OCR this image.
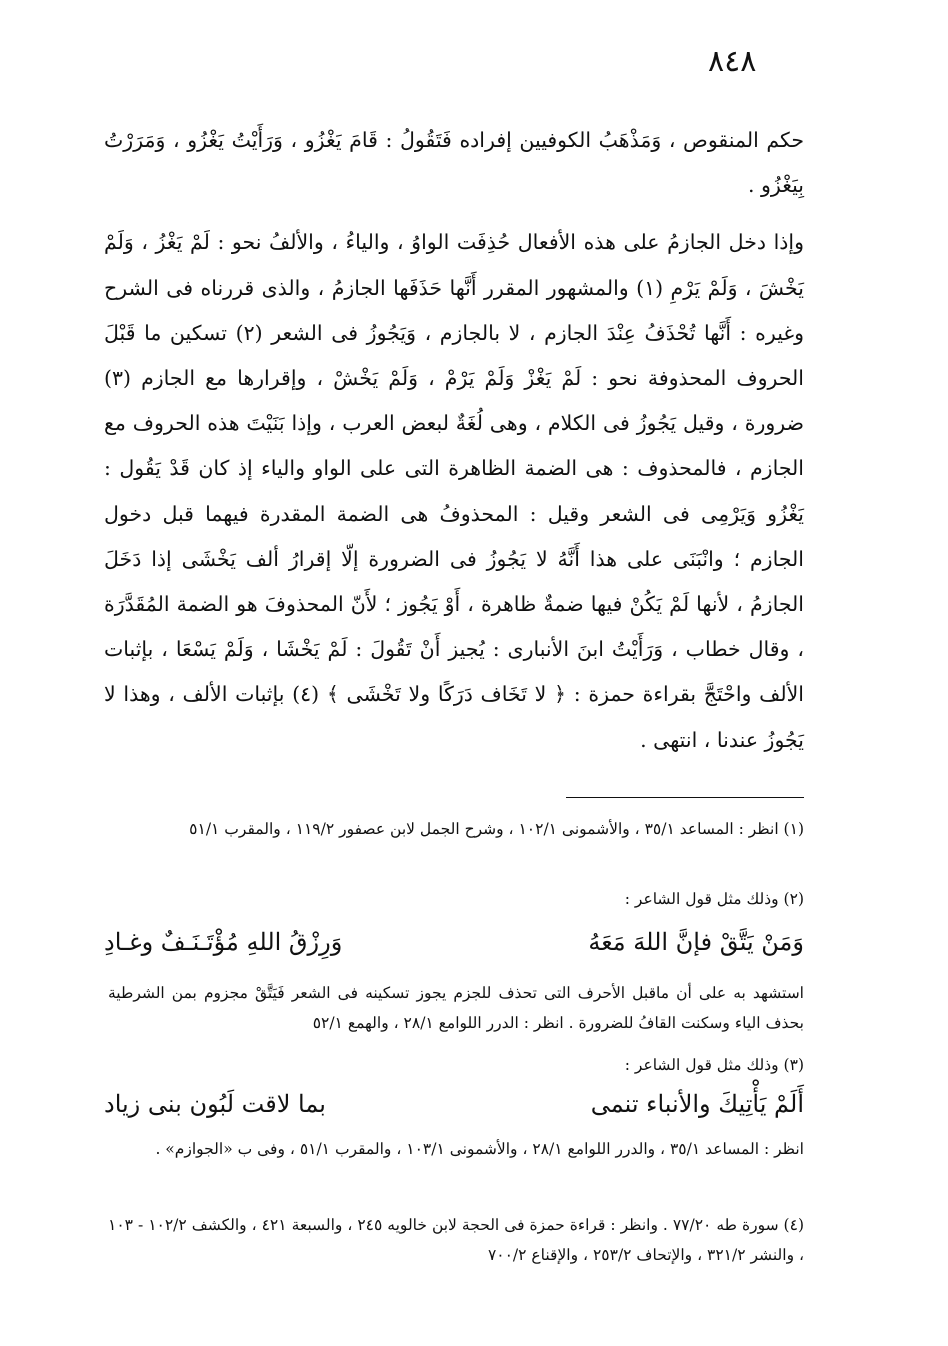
٨٤٨

حكم المنقوص ، وَمَذْهَبُ الكوفيين إفراده فَتَقُولُ : قَامَ يَغْزُو ، وَرَأَيْتُ يَغْزُو ، وَمَرَرْتُ بِيَغْزُو .

وإذا دخل الجازمُ على هذه الأفعال حُذِفَت الواوُ ، والياءُ ، والألفُ نحو : لَمْ يَغْزُ ، وَلَمْ يَخْشَ ، وَلَمْ يَرْمِ (١) والمشهور المقرر أَنَّها حَذَفَها الجازمُ ، والذى قررناه فى الشرح وغيره : أَنَّها تُحْذَفُ عِنْدَ الجازم ، لا بالجازم ، وَيَجُوزُ فى الشعر (٢) تسكين ما قَبْلَ الحروف المحذوفة نحو : لَمْ يَغْزْ وَلَمْ يَرْمْ ، وَلَمْ يَخْشْ ، وإقرارها مع الجازم (٣) ضرورة ، وقيل يَجُوزُ فى الكلام ، وهى لُغَةٌ لبعض العرب ، وإذا بَنَيْتَ هذه الحروف مع الجازم ، فالمحذوف : هى الضمة الظاهرة التى على الواو والياء إذ كان قَدْ يَقُول : يَغْزُو وَيَرْمِى فى الشعر وقيل : المحذوفُ هى الضمة المقدرة فيهما قبل دخول الجازم ؛ وانْبَنَى على هذا أَنَّهُ لا يَجُوزُ فى الضرورة إلّا إقرارُ ألف يَخْشَى إذا دَخَلَ الجازمُ ، لأنها لَمْ يَكُنْ فيها ضمةٌ ظاهرة ، أَوْ يَجُوز ؛ لأَنّ المحذوفَ هو الضمة المُقَدَّرَة ، وقال خطاب ، وَرَأَيْتُ ابنَ الأنبارى : يُجيز أَنْ تَقُولَ : لَمْ يَخْشَا ، وَلَمْ يَسْعَا ، بإثبات الألف واحْتَجَّ بقراءة حمزة : ﴿ لا تَخَاف دَرَكًا ولا تَخْشَى ﴾ (٤) بإثبات الألف ، وهذا لا يَجُوزُ عندنا ، انتهى .

(١) انظر : المساعد ٣٥/١ ، والأشمونى ١٠٢/١ ، وشرح الجمل لابن عصفور ١١٩/٢ ، والمقرب ٥١/١
(٢) وذلك مثل قول الشاعر :
وَمَنْ يَتَّقْ فإنَّ اللهَ مَعَهُ
وَرِزْقُ اللهِ مُؤْتَـنَـفٌ وغـادِ
استشهد به على أن ماقبل الأحرف التى تحذف للجزم يجوز تسكينه فى الشعر فَيَتَّقْ مجزوم بمن الشرطية بحذف الياء وسكنت القافُ للضرورة . انظر : الدرر اللوامع ٢٨/١ ، والهمع ٥٢/١
(٣) وذلك مثل قول الشاعر :
أَلَمْ يَأْتِيكَ والأنباء تنمى
بما لاقت لَبُون بنى زياد
انظر : المساعد ٣٥/١ ، والدرر اللوامع ٢٨/١ ، والأشمونى ١٠٣/١ ، والمقرب ٥١/١ ، وفى ب «الجوازم» .
(٤) سورة طه ٧٧/٢٠ . وانظر : قراءة حمزة فى الحجة لابن خالويه ٢٤٥ ، والسبعة ٤٢١ ، والكشف ١٠٢/٢ - ١٠٣ ، والنشر ٣٢١/٢ ، والإتحاف ٢٥٣/٢ ، والإقناع ٧٠٠/٢
